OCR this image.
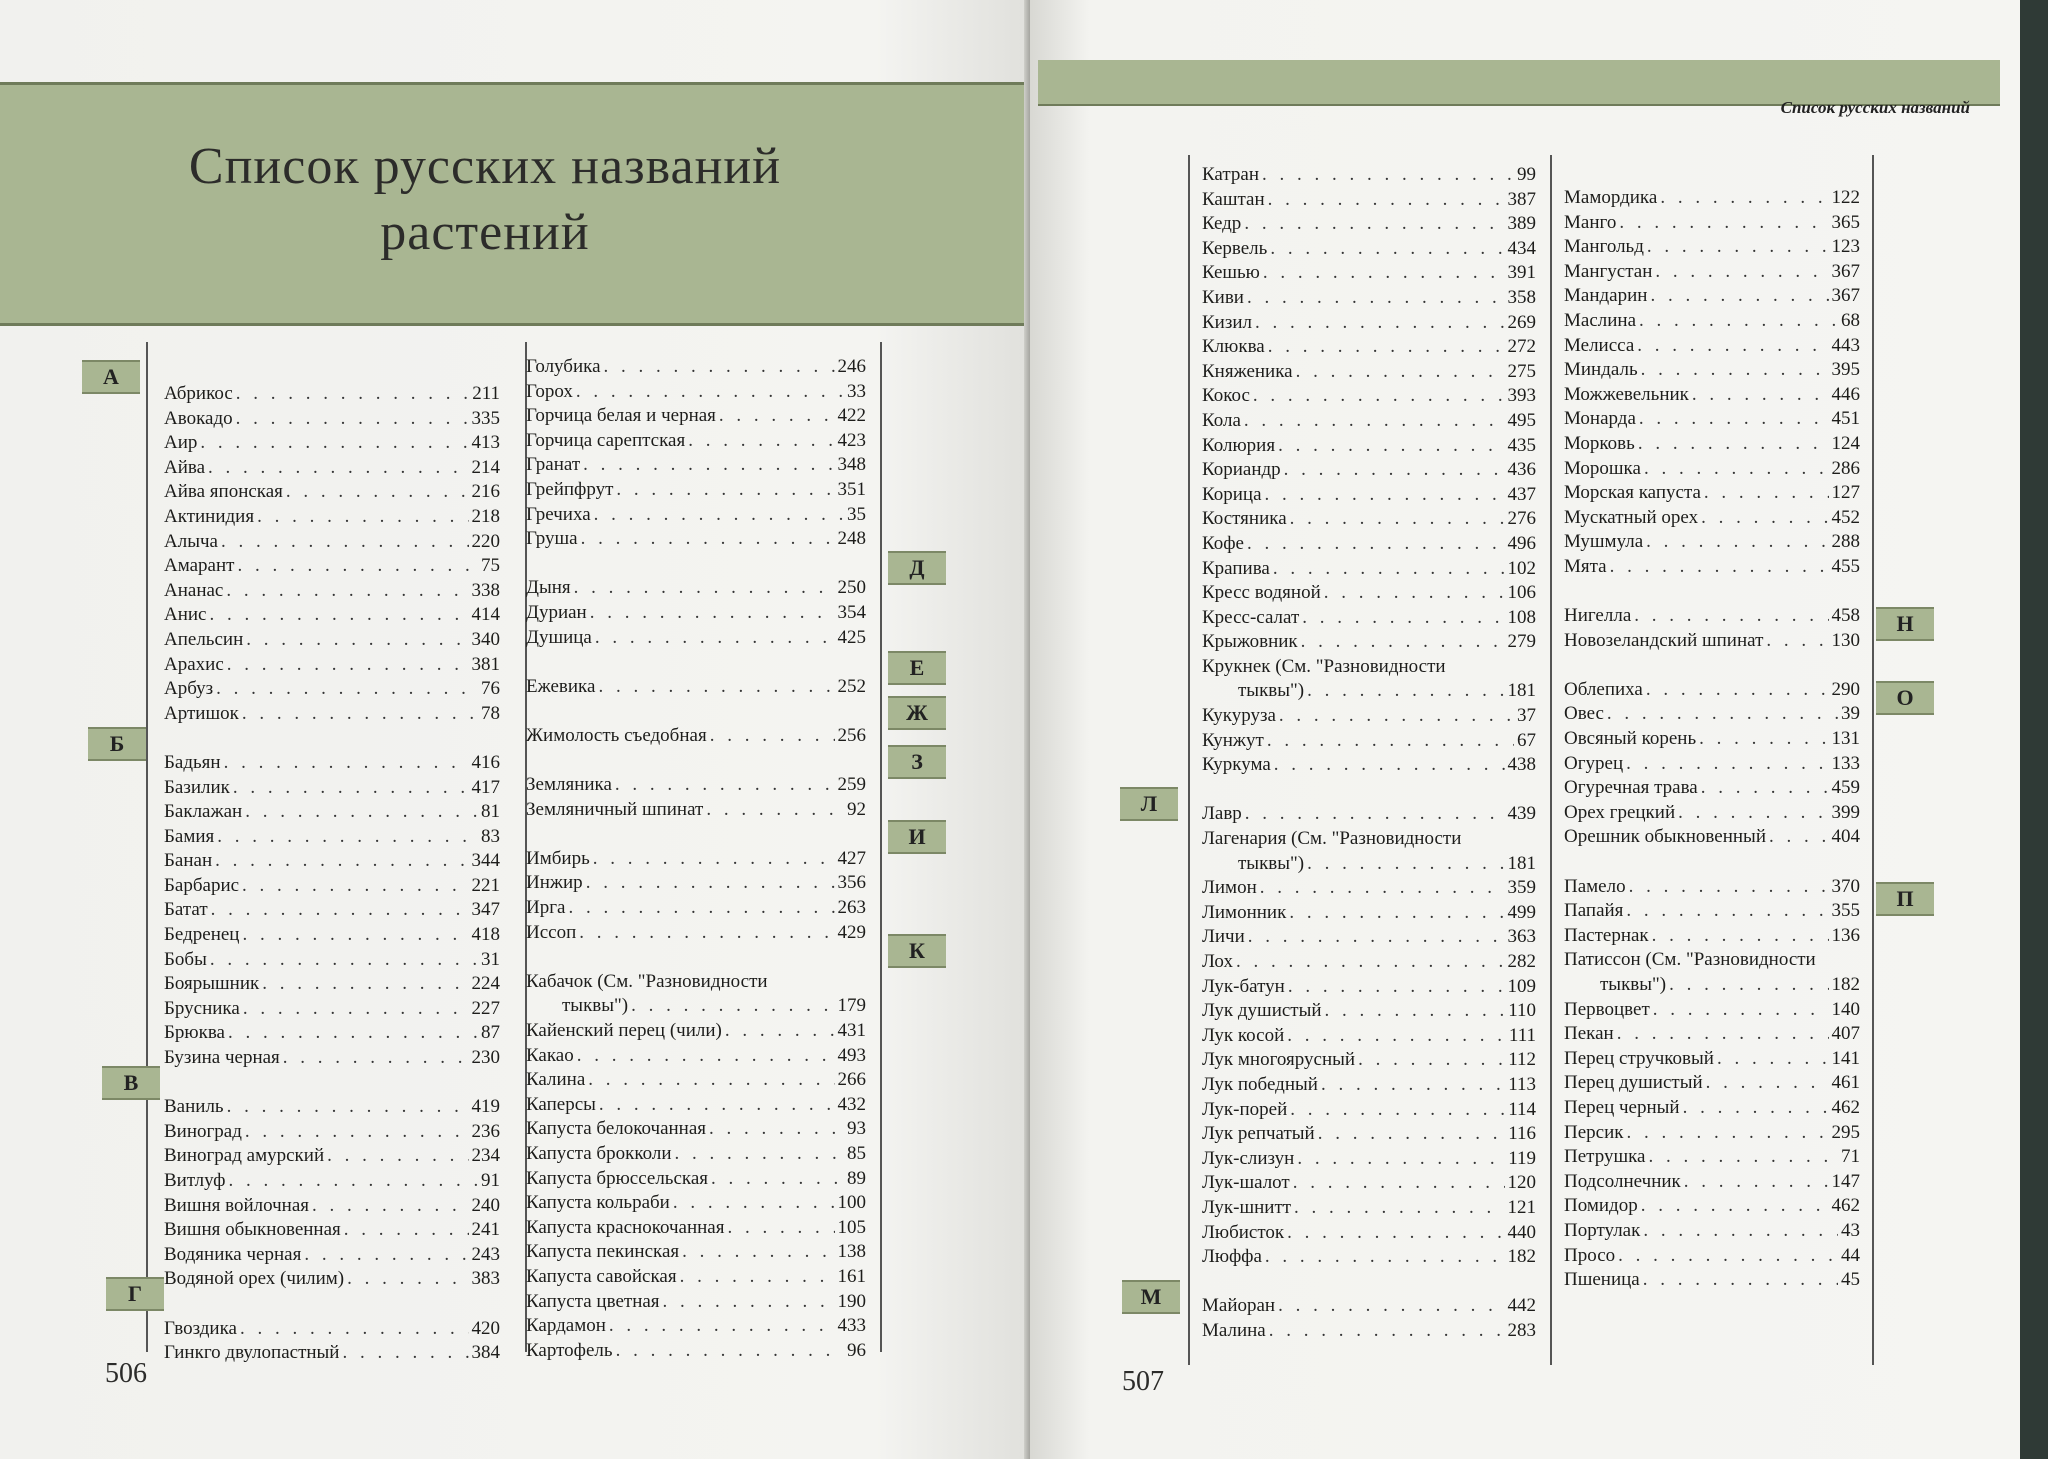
Список русских названий
растений
А
Б
В
Г
Д
Е
Ж
З
И
К
Абрикос . . .	211
Авокадо . . .	335
Аир . . .	413
Айва . . .	214
Айва японская . . .	216
Актинидия . . .	218
Алыча . . .	220
Амарант . . .	75
Ананас . . .	338
Анис . . .	414
Апельсин . . .	340
Арахис . . .	381
Арбуз . . .	76
Артишок . . .	78
Бадьян . . .	416
Базилик . . .	417
Баклажан . . .	81
Бамия . . .	83
Банан . . .	344
Барбарис . . .	221
Батат . . .	347
Бедренец . . .	418
Бобы . . .	31
Боярышник . . .	224
Брусника . . .	227
Брюква . . .	87
Бузина черная . . .	230
Ваниль . . .	419
Виноград . . .	236
Виноград амурский . . .	234
Витлуф . . .	91
Вишня войлочная . . .	240
Вишня обыкновенная . . .	241
Водяника черная . . .	243
Водяной орех (чилим) . . .	383
Гвоздика . . .	420
Гинкго двулопастный . . .	384
Голубика . . .	246
Горох . . .	33
Горчица белая и черная . . .	422
Горчица сарептская . . .	423
Гранат . . .	348
Грейпфрут . . .	351
Гречиха . . .	35
Груша . . .	248
Дыня . . .	250
Дуриан . . .	354
Душица . . .	425
Ежевика . . .	252
Жимолость съедобная . . .	256
Земляника . . .	259
Земляничный шпинат . . .	92
Имбирь . . .	427
Инжир . . .	356
Ирга . . .	263
Иссоп . . .	429
Кабачок (См. "Разновидности
тыквы") . . .	179
Кайенский перец (чили) . . .	431
Какао . . .	493
Калина . . .	266
Каперсы . . .	432
Капуста белокочанная . . .	93
Капуста брокколи . . .	85
Капуста брюссельская . . .	89
Капуста кольраби . . .	100
Капуста краснокочанная . . .	105
Капуста пекинская . . .	138
Капуста савойская . . .	161
Капуста цветная . . .	190
Кардамон . . .	433
Картофель . . .	96
506
Список русских названий
Л
М
Н
О
П
Катран . . .	99
Каштан . . .	387
Кедр . . .	389
Кервель . . .	434
Кешью . . .	391
Киви . . .	358
Кизил . . .	269
Клюква . . .	272
Княженика . . .	275
Кокос . . .	393
Кола . . .	495
Колюрия . . .	435
Кориандр . . .	436
Корица . . .	437
Костяника . . .	276
Кофе . . .	496
Крапива . . .	102
Кресс водяной . . .	106
Кресс-салат . . .	108
Крыжовник . . .	279
Крукнек (См. "Разновидности
тыквы") . . .	181
Кукуруза . . .	37
Кунжут . . .	67
Куркума . . .	438
Лавр . . .	439
Лагенария (См. "Разновидности
тыквы") . . .	181
Лимон . . .	359
Лимонник . . .	499
Личи . . .	363
Лох . . .	282
Лук-батун . . .	109
Лук душистый . . .	110
Лук косой . . .	111
Лук многоярусный . . .	112
Лук победный . . .	113
Лук-порей . . .	114
Лук репчатый . . .	116
Лук-слизун . . .	119
Лук-шалот . . .	120
Лук-шнитт . . .	121
Любисток . . .	440
Люффа . . .	182
Майоран . . .	442
Малина . . .	283
Мамордика . . .	122
Манго . . .	365
Мангольд . . .	123
Мангустан . . .	367
Мандарин . . .	367
Маслина . . .	68
Мелисса . . .	443
Миндаль . . .	395
Можжевельник . . .	446
Монарда . . .	451
Морковь . . .	124
Морошка . . .	286
Морская капуста . . .	127
Мускатный орех . . .	452
Мушмула . . .	288
Мята . . .	455
Нигелла . . .	458
Новозеландский шпинат . . .	130
Облепиха . . .	290
Овес . . .	39
Овсяный корень . . .	131
Огурец . . .	133
Огуречная трава . . .	459
Орех грецкий . . .	399
Орешник обыкновенный . . .	404
Памело . . .	370
Папайя . . .	355
Пастернак . . .	136
Патиссон (См. "Разновидности
тыквы") . . .	182
Первоцвет . . .	140
Пекан . . .	407
Перец стручковый . . .	141
Перец душистый . . .	461
Перец черный . . .	462
Персик . . .	295
Петрушка . . .	71
Подсолнечник . . .	147
Помидор . . .	462
Портулак . . .	43
Просо . . .	44
Пшеница . . .	45
507
